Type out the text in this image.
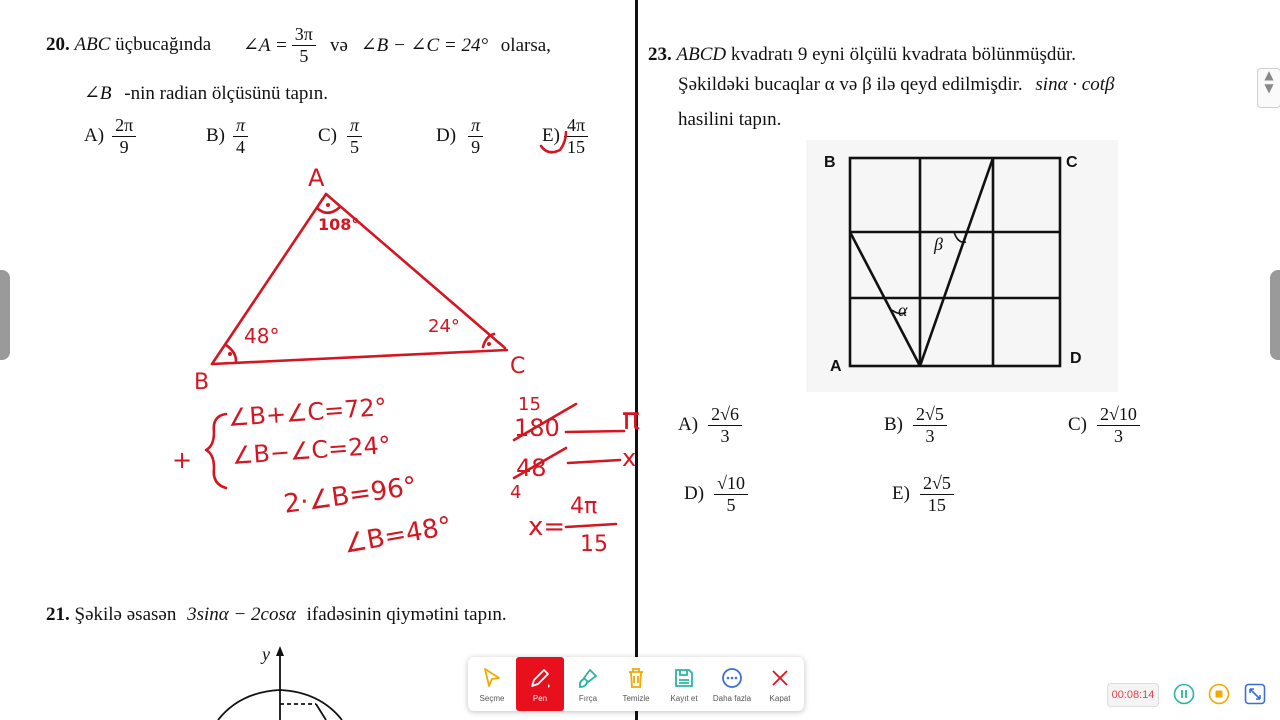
▲
▼
20. ABC üçbucağında ∠A = $\frac{3\pi}{5}$ və ∠B − ∠C = 24° olarsa,
∠B -nin radian ölçüsünü tapın.
$A) \frac{2\pi}{9}$	$B) \frac{\pi}{4}$	$C) \frac{\pi}{5}$	$D) \frac{\pi}{9}$	$E) \frac{4\pi}{15}$
A
108°
B
48°
C
24°
+
∠B+∠C=72°
∠B−∠C=24°
2·∠B=96°
∠B=48°
15
180 π
48
4
x
x=
4π
15
21. Şəkilə əsasən 3sinα − 2cosα ifadəsinin qiymətini tapın.
y
23. ABCD kvadratı 9 eyni ölçülü kvadrata bölünmüşdür.
Şəkildəki bucaqlar α və β ilə qeyd edilmişdir. sinα · cotβ
hasilini tapın.
B	C
A	D
α
β
$A) \frac{2√6}{3}$	$B) \frac{2√5}{3}$	$C) \frac{2√10}{3}$
$D) \frac{√10}{5}$	$E) \frac{2√5}{15}$
Seçme	Pen	Fırça	Temizle	Kayıt et Daha fazla Kapat	00:08:14
